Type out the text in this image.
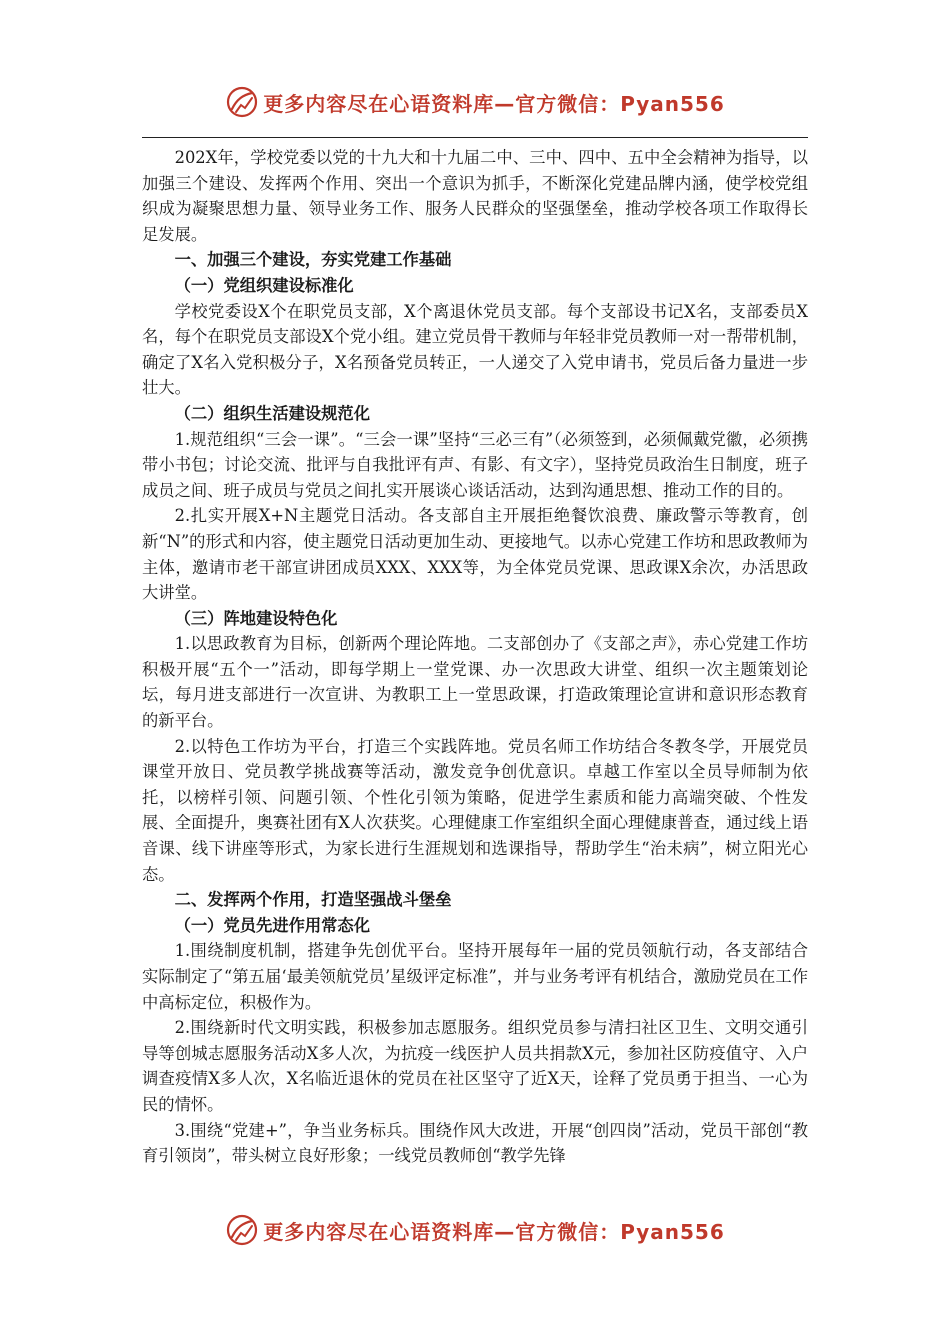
更多内容尽在心语资料库—官方微信：Pyan556

202X年，学校党委以党的十九大和十九届二中、三中、四中、五中全会精神为指导，以加强三个建设、发挥两个作用、突出一个意识为抓手，不断深化党建品牌内涵，使学校党组织成为凝聚思想力量、领导业务工作、服务人民群众的坚强堡垒，推动学校各项工作取得长足发展。

一、加强三个建设，夯实党建工作基础
（一）党组织建设标准化

学校党委设X个在职党员支部，X个离退休党员支部。每个支部设书记X名，支部委员X名，每个在职党员支部设X个党小组。建立党员骨干教师与年轻非党员教师一对一帮带机制，确定了X名入党积极分子，X名预备党员转正，一人递交了入党申请书，党员后备力量进一步壮大。

（二）组织生活建设规范化

1.规范组织“三会一课”。“三会一课”坚持“三必三有”（必须签到，必须佩戴党徽，必须携带小书包；讨论交流、批评与自我批评有声、有影、有文字），坚持党员政治生日制度，班子成员之间、班子成员与党员之间扎实开展谈心谈话活动，达到沟通思想、推动工作的目的。

2.扎实开展X+N主题党日活动。各支部自主开展拒绝餐饮浪费、廉政警示等教育，创新“N”的形式和内容，使主题党日活动更加生动、更接地气。以赤心党建工作坊和思政教师为主体，邀请市老干部宣讲团成员XXX、XXX等，为全体党员党课、思政课X余次，办活思政大讲堂。

（三）阵地建设特色化

1.以思政教育为目标，创新两个理论阵地。二支部创办了《支部之声》，赤心党建工作坊积极开展“五个一”活动，即每学期上一堂党课、办一次思政大讲堂、组织一次主题策划论坛，每月进支部进行一次宣讲、为教职工上一堂思政课，打造政策理论宣讲和意识形态教育的新平台。

2.以特色工作坊为平台，打造三个实践阵地。党员名师工作坊结合冬教冬学，开展党员课堂开放日、党员教学挑战赛等活动，激发竞争创优意识。卓越工作室以全员导师制为依托，以榜样引领、问题引领、个性化引领为策略，促进学生素质和能力高端突破、个性发展、全面提升，奥赛社团有X人次获奖。心理健康工作室组织全面心理健康普查，通过线上语音课、线下讲座等形式，为家长进行生涯规划和选课指导，帮助学生“治未病”，树立阳光心态。

二、发挥两个作用，打造坚强战斗堡垒
（一）党员先进作用常态化

1.围绕制度机制，搭建争先创优平台。坚持开展每年一届的党员领航行动，各支部结合实际制定了“第五届‘最美领航党员’星级评定标准”，并与业务考评有机结合，激励党员在工作中高标定位，积极作为。

2.围绕新时代文明实践，积极参加志愿服务。组织党员参与清扫社区卫生、文明交通引导等创城志愿服务活动X多人次，为抗疫一线医护人员共捐款X元，参加社区防疫值守、入户调查疫情X多人次，X名临近退休的党员在社区坚守了近X天，诠释了党员勇于担当、一心为民的情怀。

3.围绕“党建+”，争当业务标兵。围绕作风大改进，开展“创四岗”活动，党员干部创“教育引领岗”，带头树立良好形象；一线党员教师创“教学先锋

更多内容尽在心语资料库—官方微信：Pyan556
